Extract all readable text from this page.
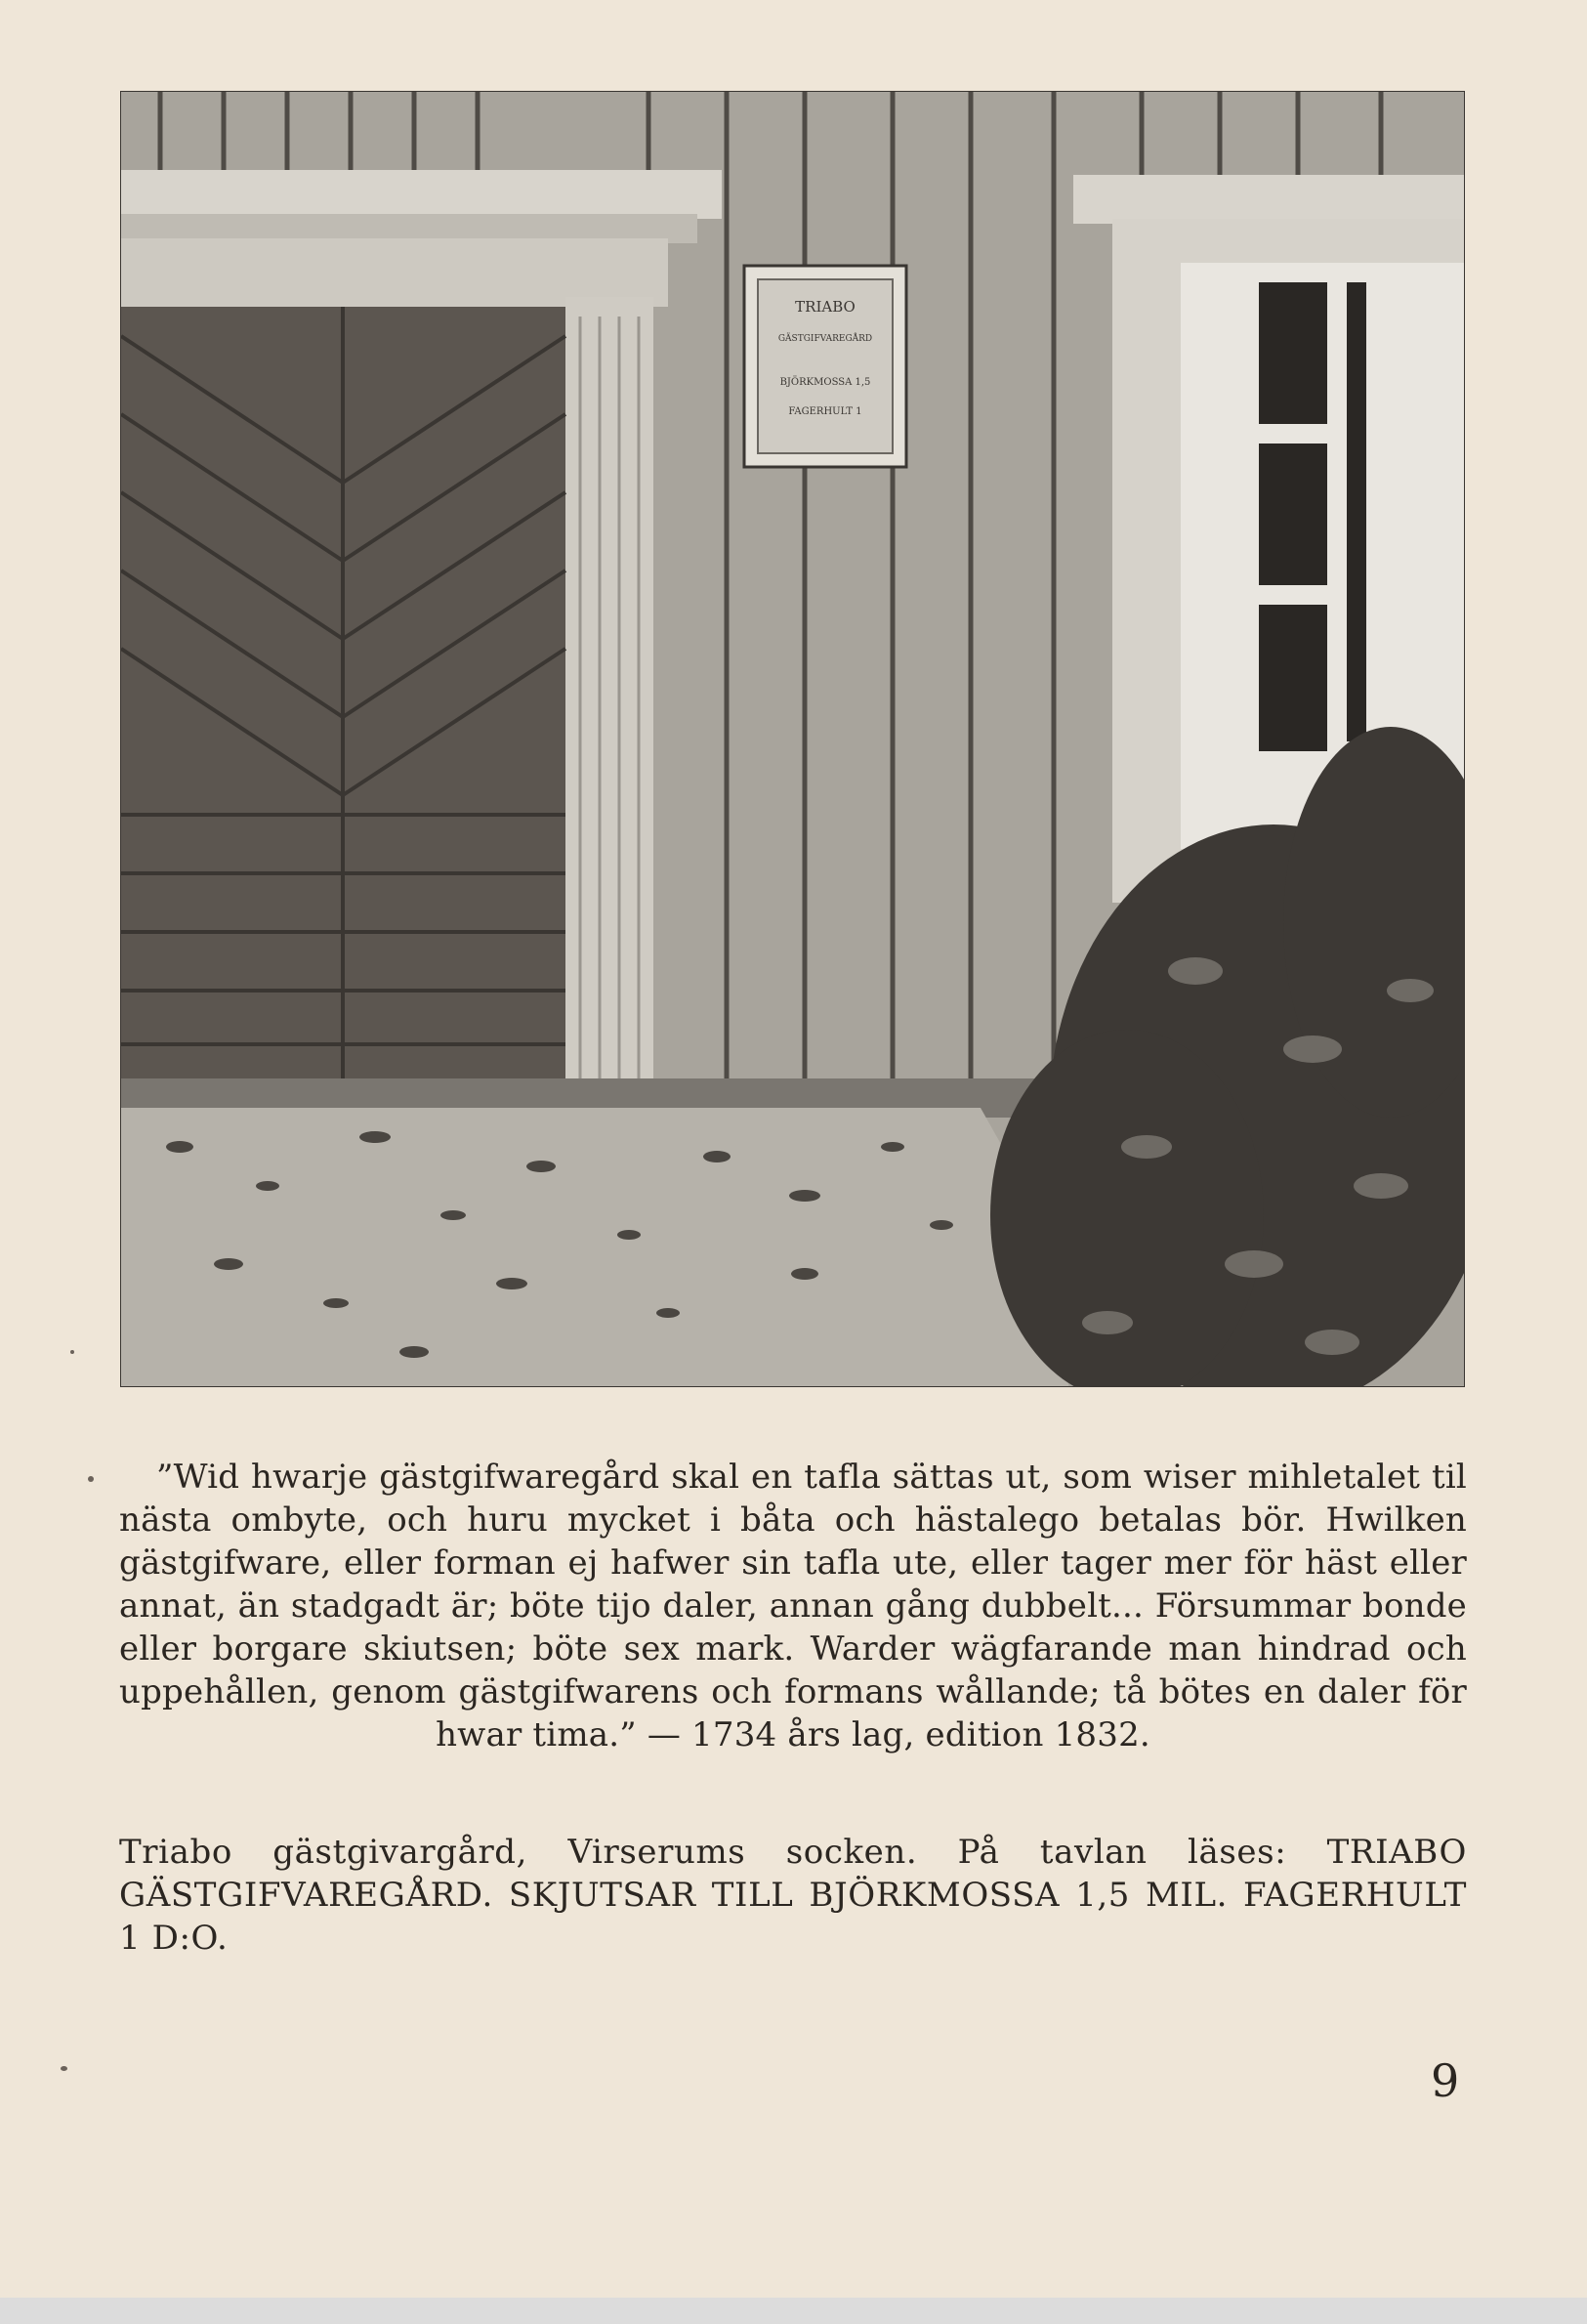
TRIABO
GÄSTGIFVAREGÅRD
BJÖRKMOSSA 1,5
FAGERHULT 1
”Wid hwarje gästgifwaregård skal en tafla sättas ut, som wiser mihletalet til nästa ombyte, och huru mycket i båta och hästalego betalas bör. Hwilken gästgifware, eller forman ej hafwer sin tafla ute, eller tager mer för häst eller annat, än stadgadt är; böte tijo daler, annan gång dubbelt... Försummar bonde eller borgare skiutsen; böte sex mark. Warder wägfarande man hindrad och uppehållen, genom gästgifwarens och formans wållande; tå bötes en daler för hwar tima.” — 1734 års lag, edition 1832.
Triabo gästgivargård, Virserums socken. På tavlan läses: TRIABO GÄSTGIFVAREGÅRD. SKJUTSAR TILL BJÖRKMOSSA 1,5 MIL. FAGERHULT 1 D:O.
9
